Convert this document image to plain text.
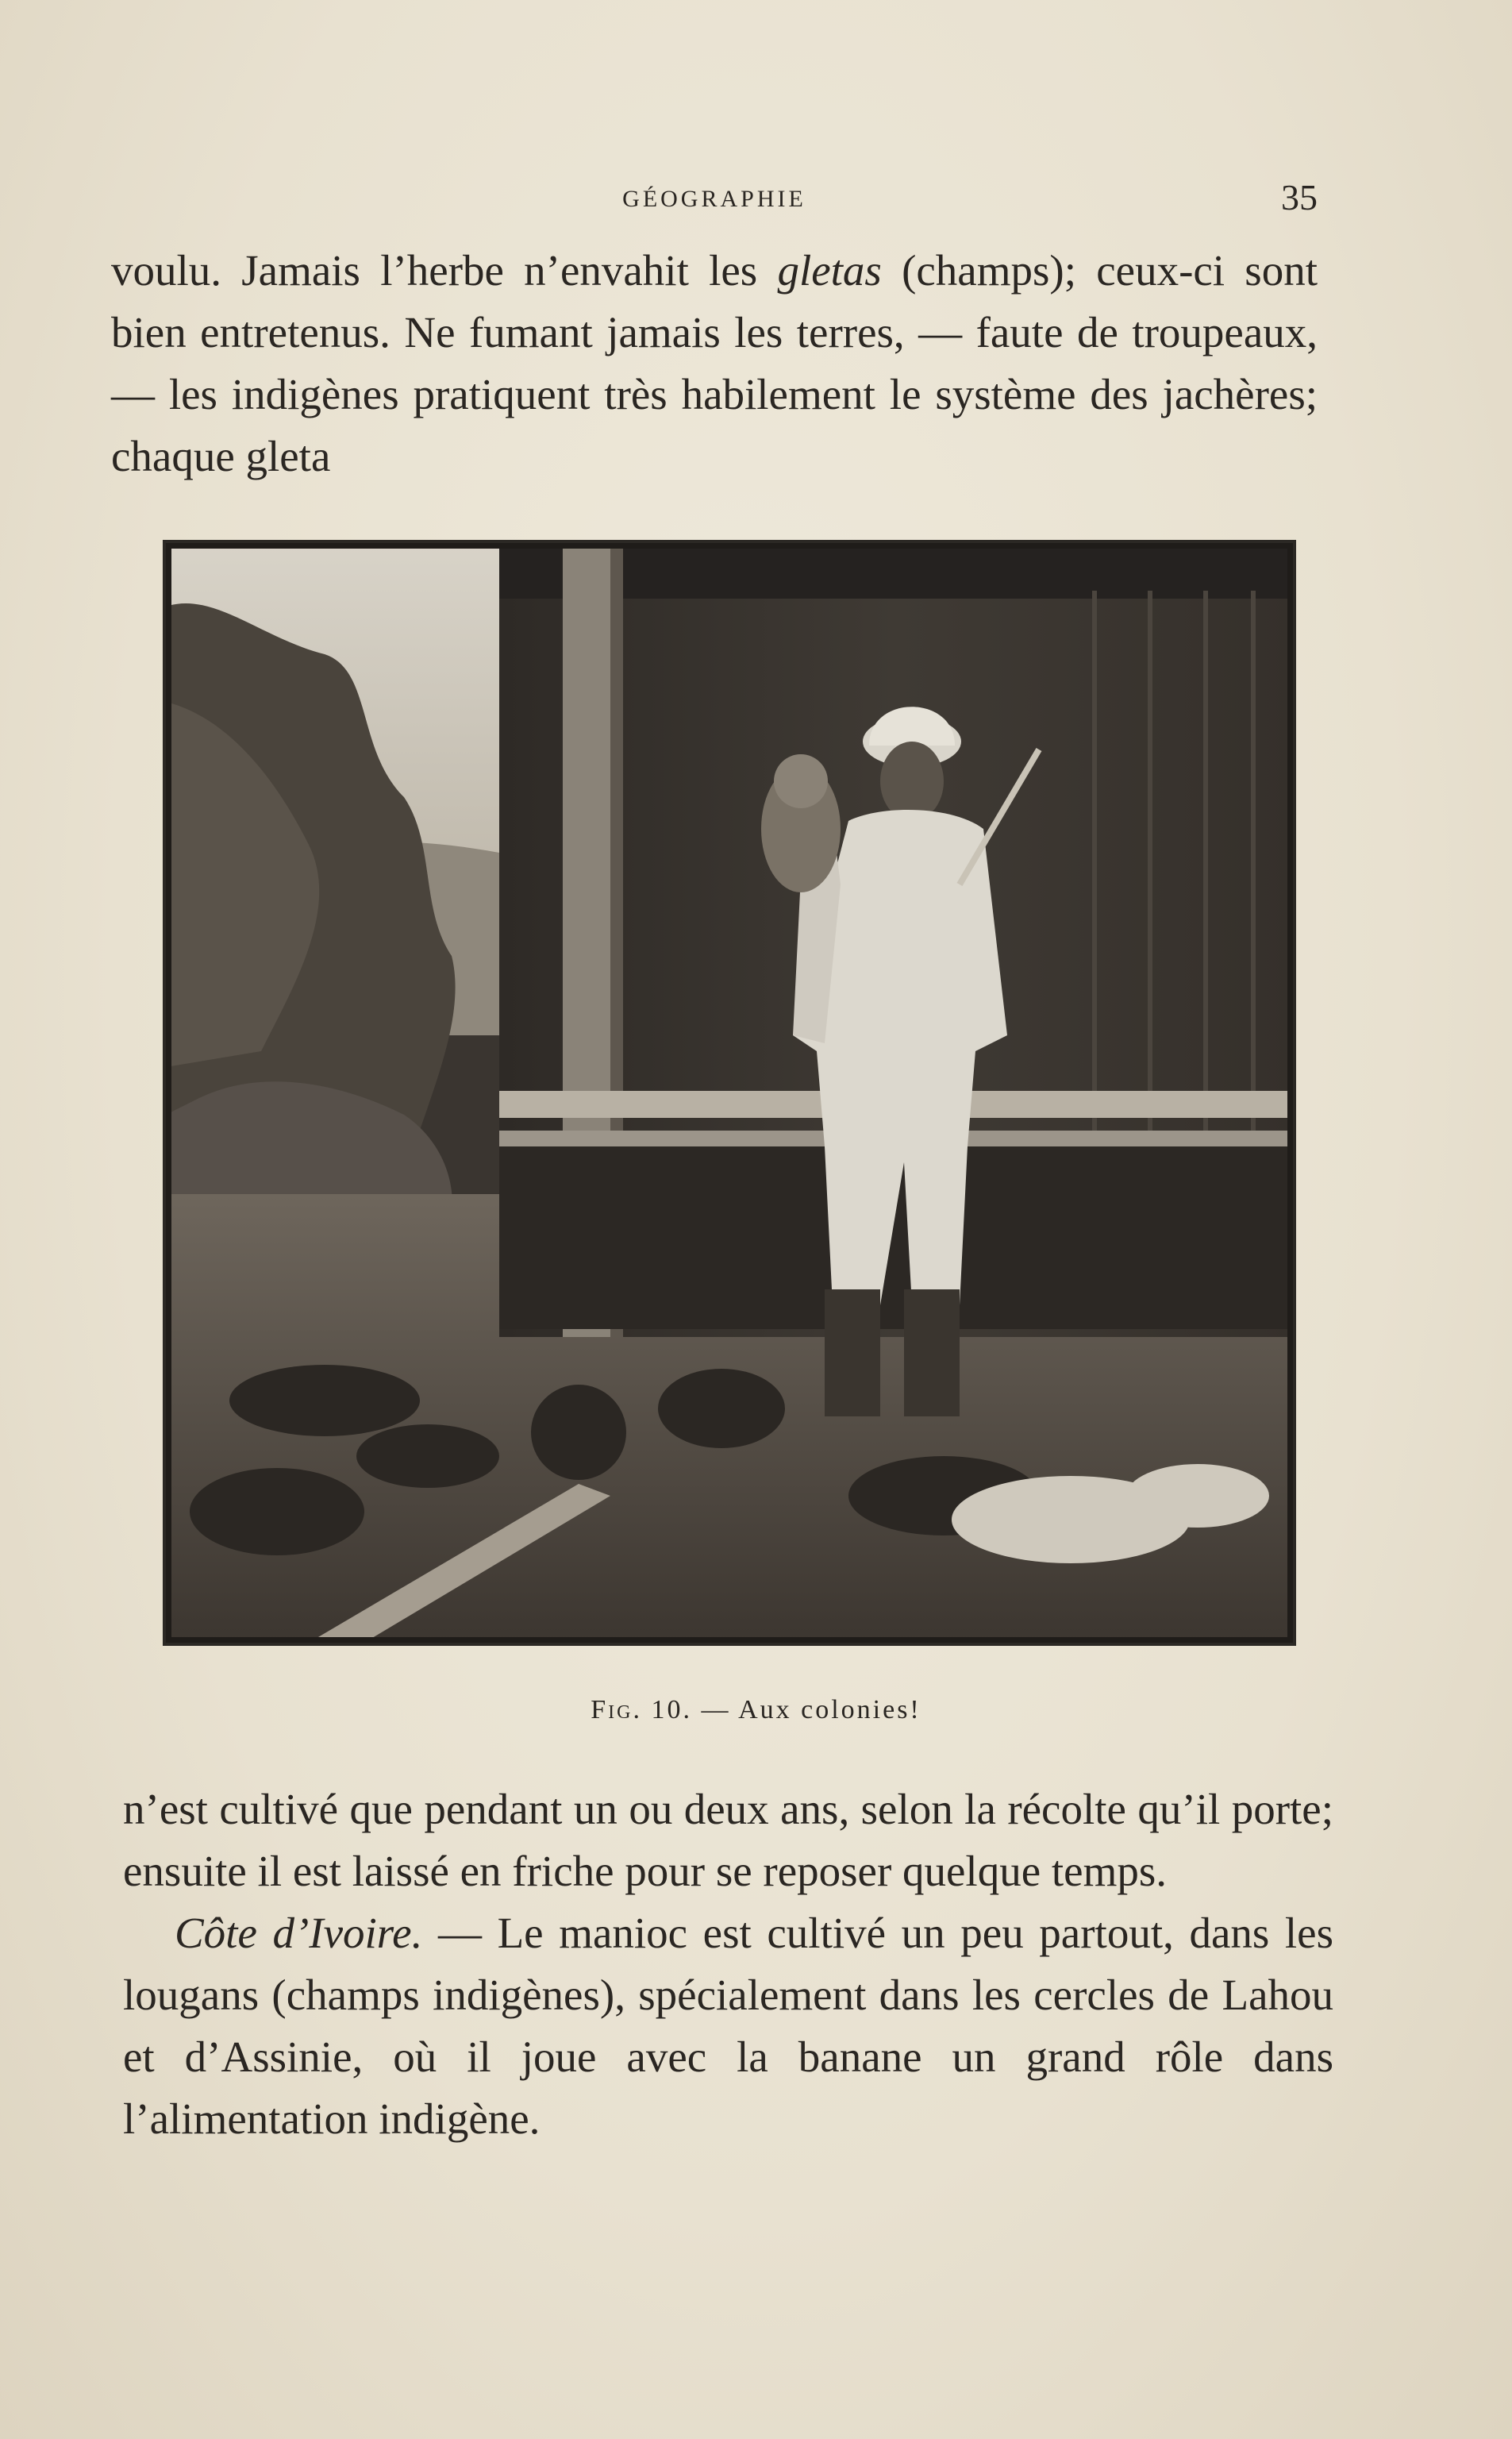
GÉOGRAPHIE	35

voulu. Jamais l’herbe n’envahit les gletas (champs); ceux-ci sont bien entretenus. Ne fumant jamais les terres, — faute de troupeaux, — les indigènes pratiquent très habilement le système des jachères; chaque gleta

Fig. 10. — Aux colonies!

n’est cultivé que pendant un ou deux ans, selon la récolte qu’il porte; ensuite il est laissé en friche pour se reposer quelque temps.

Côte d’Ivoire. — Le manioc est cultivé un peu partout, dans les lougans (champs indigènes), spécialement dans les cercles de Lahou et d’Assinie, où il joue avec la banane un grand rôle dans l’alimentation indigène.
